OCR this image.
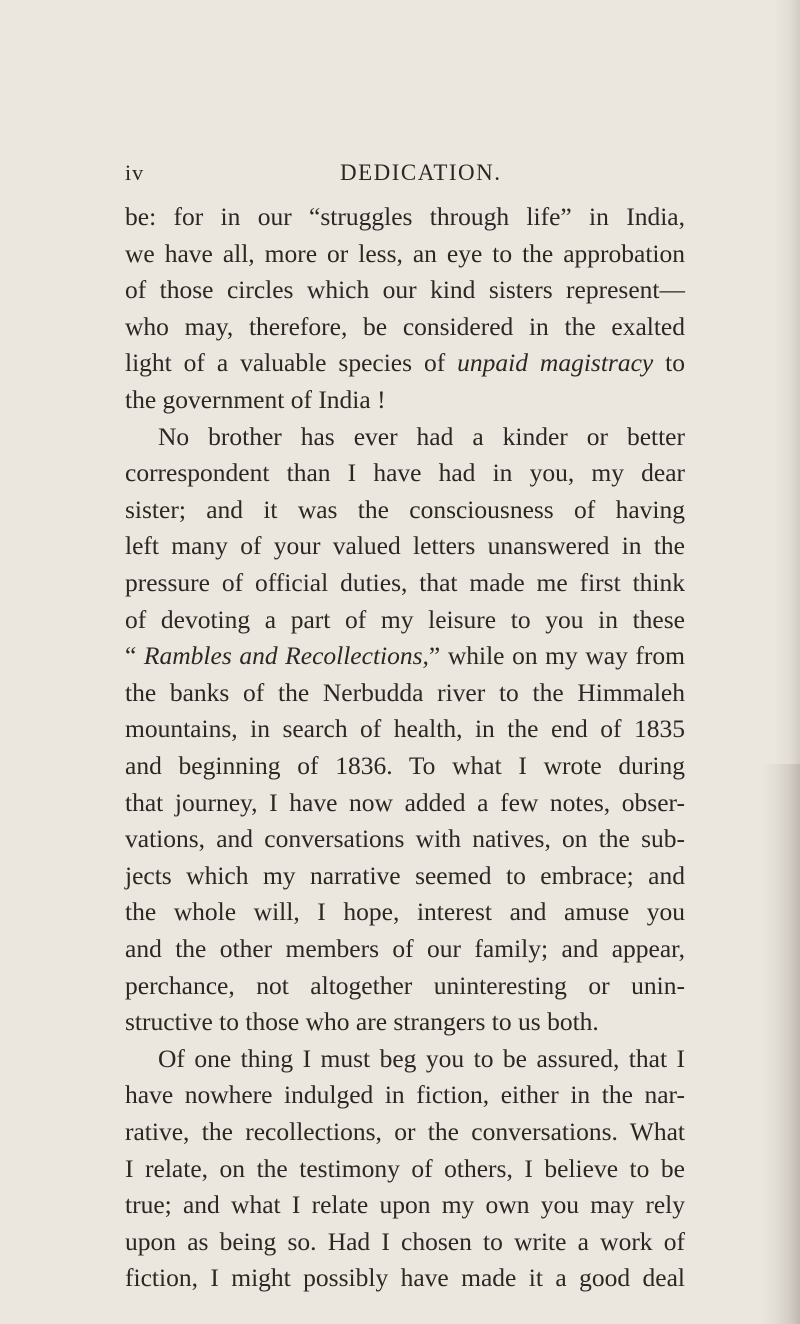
iv	DEDICATION.
be: for in our “struggles through life” in India,
we have all, more or less, an eye to the approbation
of those circles which our kind sisters represent—
who may, therefore, be considered in the exalted
light of a valuable species of unpaid magistracy to
the government of India !
No brother has ever had a kinder or better
correspondent than I have had in you, my dear
sister; and it was the consciousness of having
left many of your valued letters unanswered in the
pressure of official duties, that made me first think
of devoting a part of my leisure to you in these
“ Rambles and Recollections,” while on my way from
the banks of the Nerbudda river to the Himmaleh
mountains, in search of health, in the end of 1835
and beginning of 1836. To what I wrote during
that journey, I have now added a few notes, obser-
vations, and conversations with natives, on the sub-
jects which my narrative seemed to embrace; and
the whole will, I hope, interest and amuse you
and the other members of our family; and appear,
perchance, not altogether uninteresting or unin-
structive to those who are strangers to us both.
Of one thing I must beg you to be assured, that I
have nowhere indulged in fiction, either in the nar-
rative, the recollections, or the conversations. What
I relate, on the testimony of others, I believe to be
true; and what I relate upon my own you may rely
upon as being so. Had I chosen to write a work of
fiction, I might possibly have made it a good deal
